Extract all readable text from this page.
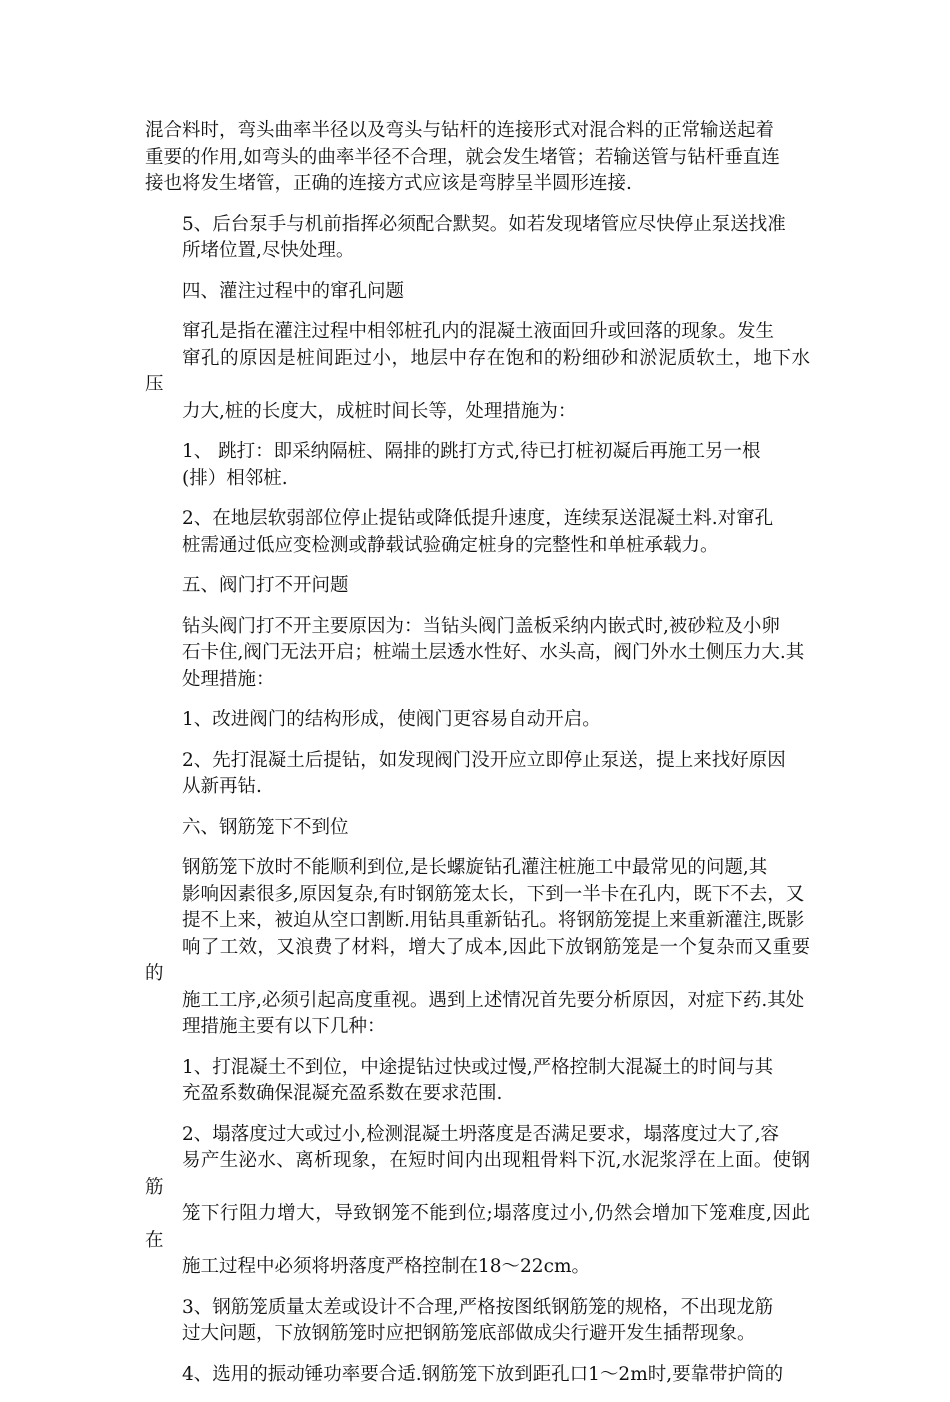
混合料时，弯头曲率半径以及弯头与钻杆的连接形式对混合料的正常输送起着
重要的作用,如弯头的曲率半径不合理，就会发生堵管；若输送管与钻杆垂直连
接也将发生堵管，正确的连接方式应该是弯脖呈半圆形连接.

5、后台泵手与机前指挥必须配合默契。如若发现堵管应尽快停止泵送找准
所堵位置,尽快处理。

四、灌注过程中的窜孔问题

窜孔是指在灌注过程中相邻桩孔内的混凝土液面回升或回落的现象。发生
窜孔的原因是桩间距过小，地层中存在饱和的粉细砂和淤泥质软土，地下水压
力大,桩的长度大，成桩时间长等，处理措施为：

1、 跳打：即采纳隔桩、隔排的跳打方式,待已打桩初凝后再施工另一根
(排）相邻桩.

2、在地层软弱部位停止提钻或降低提升速度，连续泵送混凝土料.对窜孔
桩需通过低应变检测或静载试验确定桩身的完整性和单桩承载力。

五、阀门打不开问题

钻头阀门打不开主要原因为：当钻头阀门盖板采纳内嵌式时,被砂粒及小卵
石卡住,阀门无法开启；桩端土层透水性好、水头高，阀门外水土侧压力大.其
处理措施：

1、改进阀门的结构形成，使阀门更容易自动开启。

2、先打混凝土后提钻，如发现阀门没开应立即停止泵送，提上来找好原因
从新再钻.

六、钢筋笼下不到位

钢筋笼下放时不能顺利到位,是长螺旋钻孔灌注桩施工中最常见的问题,其
影响因素很多,原因复杂,有时钢筋笼太长，下到一半卡在孔内，既下不去，又
提不上来，被迫从空口割断.用钻具重新钻孔。将钢筋笼提上来重新灌注,既影
响了工效，又浪费了材料，增大了成本,因此下放钢筋笼是一个复杂而又重要的
施工工序,必须引起高度重视。遇到上述情况首先要分析原因，对症下药.其处
理措施主要有以下几种：

1、打混凝土不到位，中途提钻过快或过慢,严格控制大混凝土的时间与其
充盈系数确保混凝充盈系数在要求范围.

2、塌落度过大或过小,检测混凝土坍落度是否满足要求，塌落度过大了,容
易产生泌水、离析现象，在短时间内出现粗骨料下沉,水泥浆浮在上面。使钢筋
笼下行阻力增大，导致钢笼不能到位;塌落度过小,仍然会增加下笼难度,因此在
施工过程中必须将坍落度严格控制在18～22cm。

3、钢筋笼质量太差或设计不合理,严格按图纸钢筋笼的规格，不出现龙筋
过大问题，下放钢筋笼时应把钢筋笼底部做成尖行避开发生插帮现象。

4、选用的振动锤功率要合适.钢筋笼下放到距孔口1～2m时,要靠带护筒的
